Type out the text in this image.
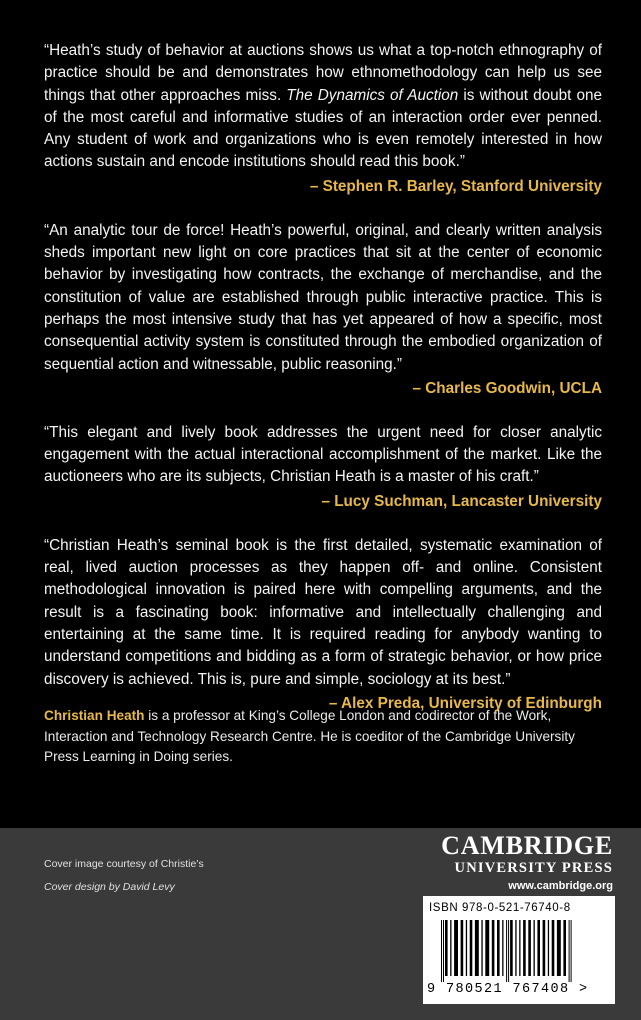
“Heath’s study of behavior at auctions shows us what a top-notch ethnography of practice should be and demonstrates how ethnomethodology can help us see things that other approaches miss. The Dynamics of Auction is without doubt one of the most careful and informative studies of an interaction order ever penned. Any student of work and organizations who is even remotely interested in how actions sustain and encode institutions should read this book.”

– Stephen R. Barley, Stanford University

“An analytic tour de force! Heath’s powerful, original, and clearly written analysis sheds important new light on core practices that sit at the center of economic behavior by investigating how contracts, the exchange of merchandise, and the constitution of value are established through public interactive practice. This is perhaps the most intensive study that has yet appeared of how a specific, most consequential activity system is constituted through the embodied organization of sequential action and witnessable, public reasoning.”

– Charles Goodwin, UCLA

“This elegant and lively book addresses the urgent need for closer analytic engagement with the actual interactional accomplishment of the market. Like the auctioneers who are its subjects, Christian Heath is a master of his craft.”

– Lucy Suchman, Lancaster University

“Christian Heath’s seminal book is the first detailed, systematic examination of real, lived auction processes as they happen off- and online. Consistent methodological innovation is paired here with compelling arguments, and the result is a fascinating book: informative and intellectually challenging and entertaining at the same time. It is required reading for anybody wanting to understand competitions and bidding as a form of strategic behavior, or how price discovery is achieved. This is, pure and simple, sociology at its best.”

– Alex Preda, University of Edinburgh
Christian Heath is a professor at King’s College London and codirector of the Work, Interaction and Technology Research Centre. He is coeditor of the Cambridge University Press Learning in Doing series.
Cover image courtesy of Christie’s
Cover design by David Levy
CAMBRIDGE
UNIVERSITY PRESS
www.cambridge.org
ISBN 978-0-521-76740-8
9 780521 767408 >
